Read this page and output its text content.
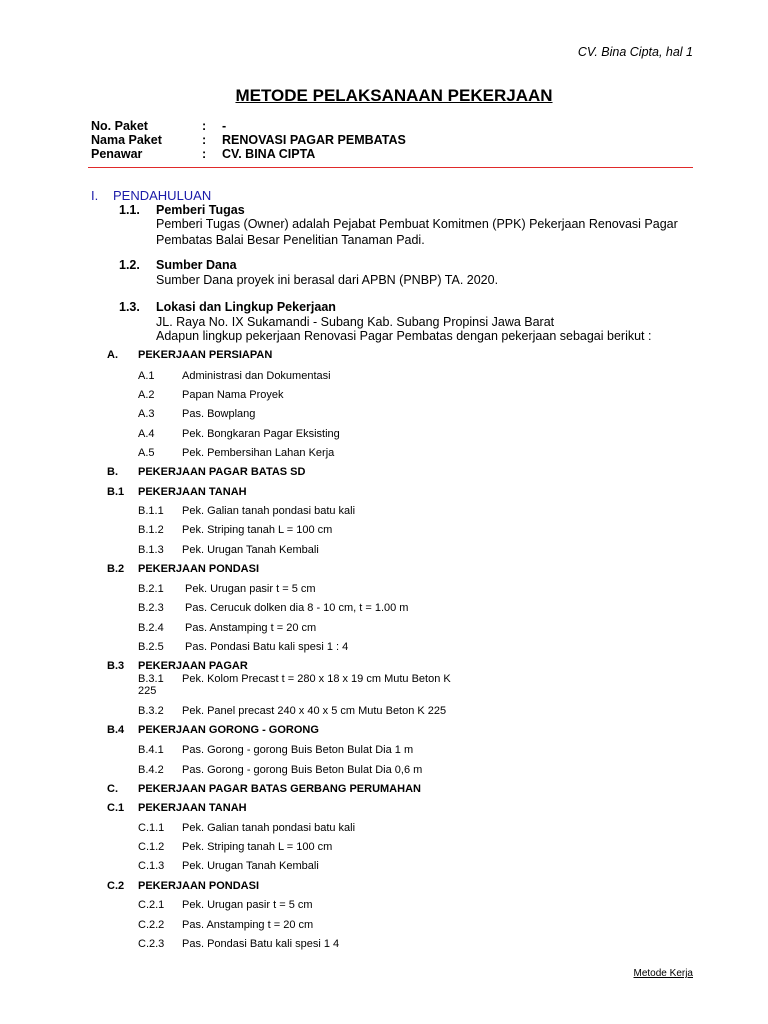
CV. Bina Cipta, hal 1
METODE PELAKSANAAN PEKERJAAN
No. Paket	: -
Nama Paket	: RENOVASI PAGAR PEMBATAS
Penawar	: CV. BINA CIPTA
I. PENDAHULUAN
1.1. Pemberi Tugas
Pemberi Tugas (Owner) adalah Pejabat Pembuat Komitmen (PPK) Pekerjaan Renovasi Pagar Pembatas Balai Besar Penelitian Tanaman Padi.
1.2. Sumber Dana
Sumber Dana proyek ini berasal dari APBN (PNBP) TA. 2020.
1.3. Lokasi dan Lingkup Pekerjaan
JL. Raya No. IX Sukamandi - Subang Kab. Subang Propinsi Jawa Barat
Adapun lingkup pekerjaan Renovasi Pagar Pembatas dengan pekerjaan sebagai berikut :
A. PEKERJAAN PERSIAPAN
A.1 Administrasi dan Dokumentasi
A.2 Papan Nama Proyek
A.3 Pas. Bowplang
A.4 Pek. Bongkaran Pagar Eksisting
A.5 Pek. Pembersihan Lahan Kerja
B. PEKERJAAN PAGAR BATAS SD
B.1 PEKERJAAN TANAH
B.1.1 Pek. Galian tanah pondasi batu kali
B.1.2 Pek. Striping tanah L = 100 cm
B.1.3 Pek. Urugan Tanah Kembali
B.2 PEKERJAAN PONDASI
B.2.1 Pek. Urugan pasir t = 5 cm
B.2.3 Pas. Cerucuk dolken dia 8 - 10 cm, t = 1.00 m
B.2.4 Pas. Anstamping t = 20 cm
B.2.5 Pas. Pondasi Batu kali spesi 1 : 4
B.3 PEKERJAAN PAGAR
B.3.1 Pek. Kolom Precast t = 280 x 18 x 19 cm Mutu Beton K
225
B.3.2 Pek. Panel precast 240 x 40 x 5 cm Mutu Beton K 225
B.4 PEKERJAAN GORONG - GORONG
B.4.1 Pas. Gorong - gorong Buis Beton Bulat Dia 1 m
B.4.2 Pas. Gorong - gorong Buis Beton Bulat Dia 0,6 m
C. PEKERJAAN PAGAR BATAS GERBANG PERUMAHAN
C.1 PEKERJAAN TANAH
C.1.1 Pek. Galian tanah pondasi batu kali
C.1.2 Pek. Striping tanah L = 100 cm
C.1.3 Pek. Urugan Tanah Kembali
C.2 PEKERJAAN PONDASI
C.2.1 Pek. Urugan pasir t = 5 cm
C.2.2 Pas. Anstamping t = 20 cm
C.2.3 Pas. Pondasi Batu kali spesi 1 4
Metode Kerja
